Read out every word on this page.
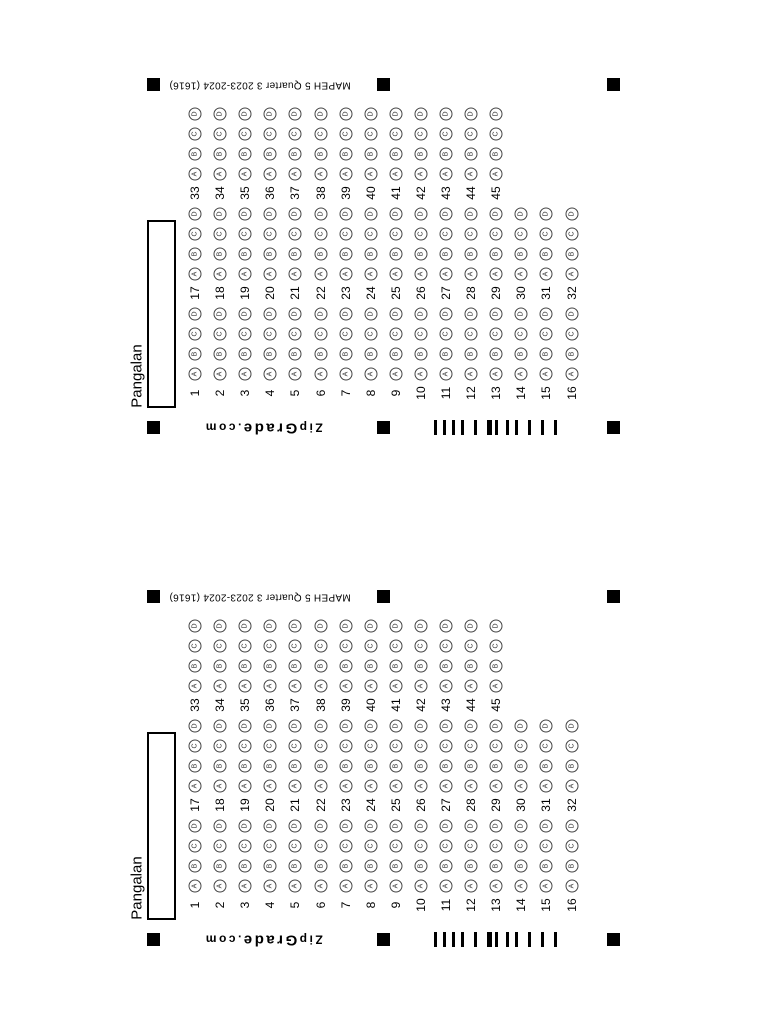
MAPEH 5 Quarter 3 2023-2024 (1616)
ZipGrade.com
Pangalan	1
A
B
C
D
2
A
B
C
D
3
A
B
C
D
4
A
B
C
D
5
A
B
C
D
6
A
B
C
D
7
A
B
C
D
8
A
B
C
D
9
A
B
C
D
10
A
B
C
D
11
A
B
C
D
12
A
B
C
D
13
A
B
C
D
14
A
B
C
D
15
A
B
C
D
16
A
B
C
D
17
A
B
C
D
18
A
B
C
D
19
A
B
C
D
20
A
B
C
D
21
A
B
C
D
22
A
B
C
D
23
A
B
C
D
24
A
B
C
D
25
A
B
C
D
26
A
B
C
D
27
A
B
C
D
28
A
B
C
D
29
A
B
C
D
30
A
B
C
D
31
A
B
C
D
32
A
B
C
D
33
A
B
C
D
34
A
B
C
D
35
A
B
C
D
36
A
B
C
D
37
A
B
C
D
38
A
B
C
D
39
A
B
C
D
40
A
B
C
D
41
A
B
C
D
42
A
B
C
D
43
A
B
C
D
44
A
B
C
D
45
A
B
C
D
MAPEH 5 Quarter 3 2023-2024 (1616)
ZipGrade.com
Pangalan	1
A
B
C
D
2
A
B
C
D
3
A
B
C
D
4
A
B
C
D
5
A
B
C
D
6
A
B
C
D
7
A
B
C
D
8
A
B
C
D
9
A
B
C
D
10
A
B
C
D
11
A
B
C
D
12
A
B
C
D
13
A
B
C
D
14
A
B
C
D
15
A
B
C
D
16
A
B
C
D
17
A
B
C
D
18
A
B
C
D
19
A
B
C
D
20
A
B
C
D
21
A
B
C
D
22
A
B
C
D
23
A
B
C
D
24
A
B
C
D
25
A
B
C
D
26
A
B
C
D
27
A
B
C
D
28
A
B
C
D
29
A
B
C
D
30
A
B
C
D
31
A
B
C
D
32
A
B
C
D
33
A
B
C
D
34
A
B
C
D
35
A
B
C
D
36
A
B
C
D
37
A
B
C
D
38
A
B
C
D
39
A
B
C
D
40
A
B
C
D
41
A
B
C
D
42
A
B
C
D
43
A
B
C
D
44
A
B
C
D
45
A
B
C
D
